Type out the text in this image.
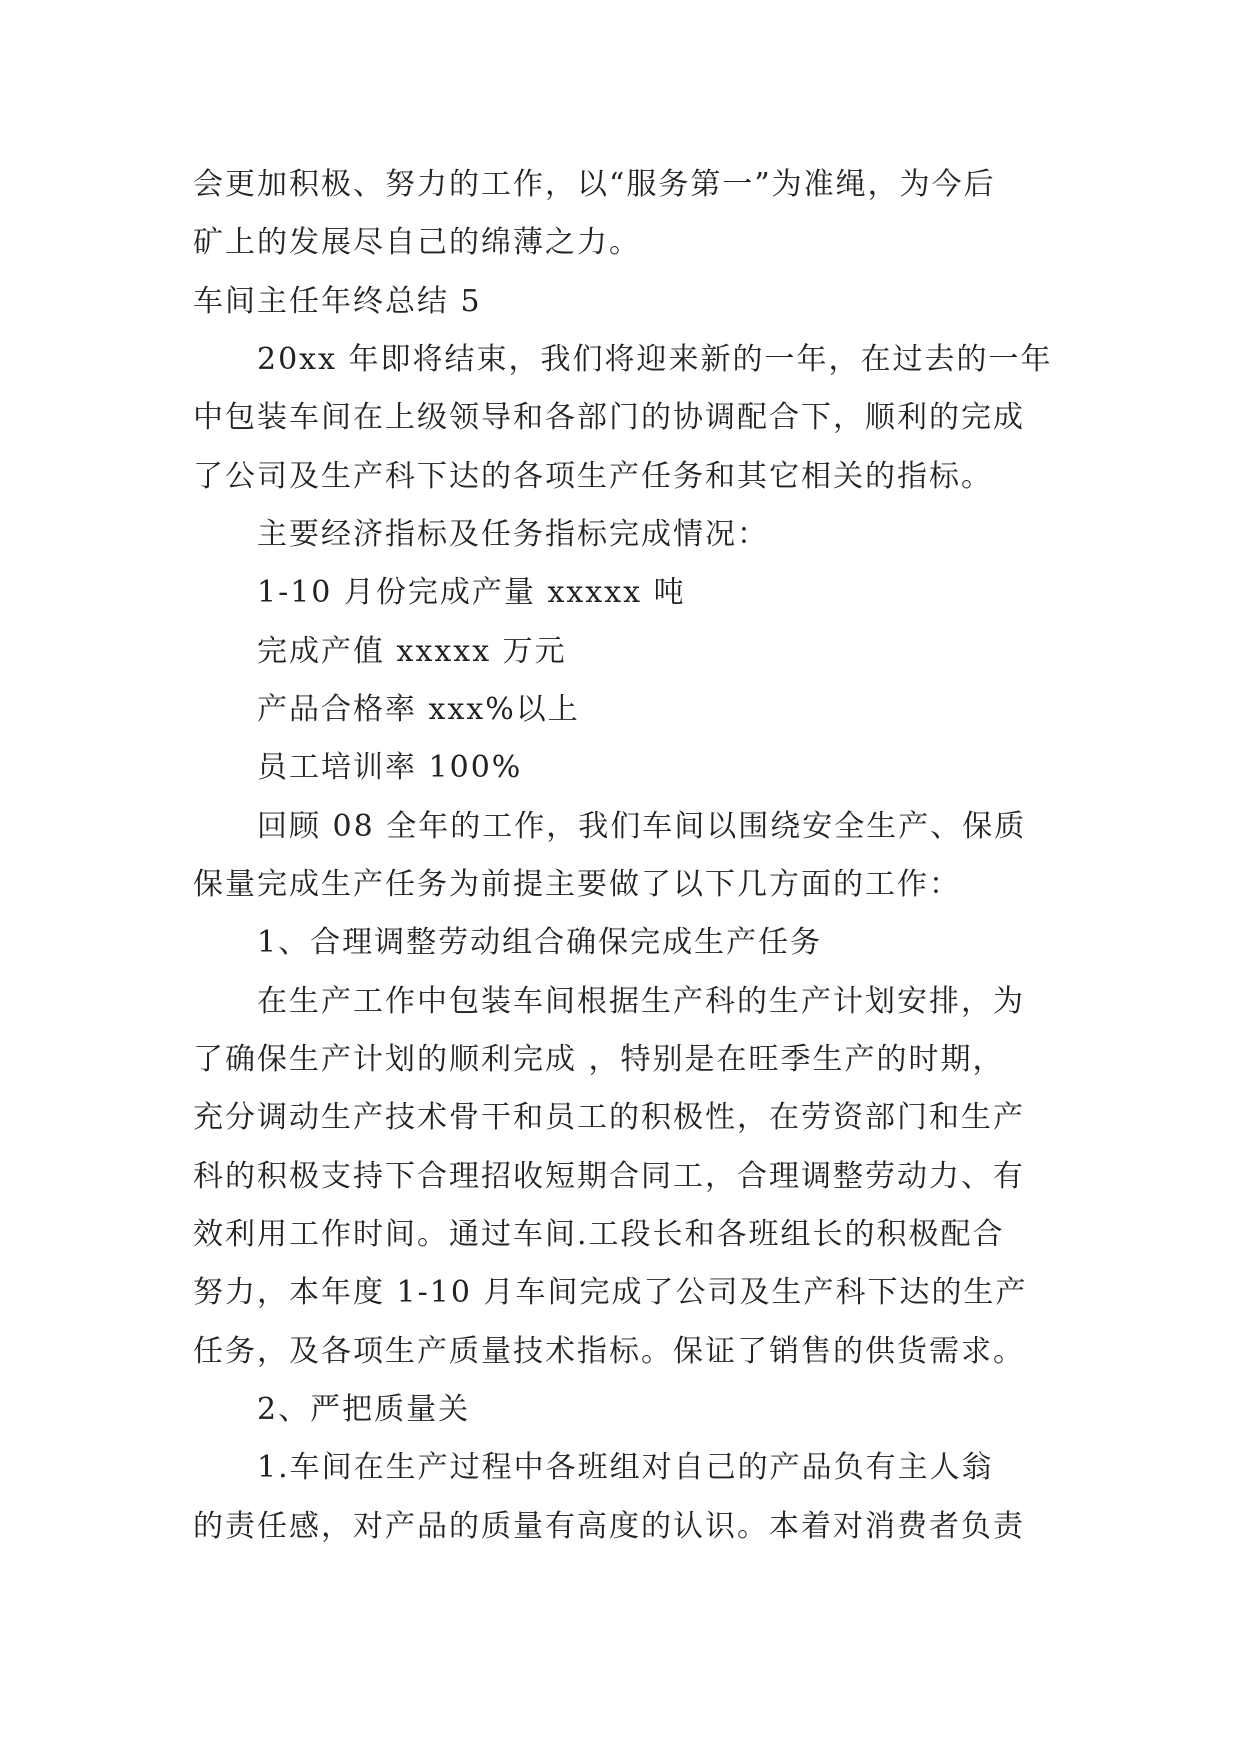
会更加积极、努力的工作，以“服务第一”为准绳，为今后
矿上的发展尽自己的绵薄之力。
车间主任年终总结 5
20xx 年即将结束，我们将迎来新的一年，在过去的一年
中包装车间在上级领导和各部门的协调配合下，顺利的完成
了公司及生产科下达的各项生产任务和其它相关的指标。
主要经济指标及任务指标完成情况：
1-10 月份完成产量 xxxxx 吨
完成产值 xxxxx 万元
产品合格率 xxx%以上
员工培训率 100%
回顾 08 全年的工作，我们车间以围绕安全生产、保质
保量完成生产任务为前提主要做了以下几方面的工作：
1、合理调整劳动组合确保完成生产任务
在生产工作中包装车间根据生产科的生产计划安排，为
了确保生产计划的顺利完成 ，特别是在旺季生产的时期，
充分调动生产技术骨干和员工的积极性，在劳资部门和生产
科的积极支持下合理招收短期合同工，合理调整劳动力、有
效利用工作时间。通过车间.工段长和各班组长的积极配合
努力，本年度 1-10 月车间完成了公司及生产科下达的生产
任务，及各项生产质量技术指标。保证了销售的供货需求。
2、严把质量关
1.车间在生产过程中各班组对自己的产品负有主人翁
的责任感，对产品的质量有高度的认识。本着对消费者负责
